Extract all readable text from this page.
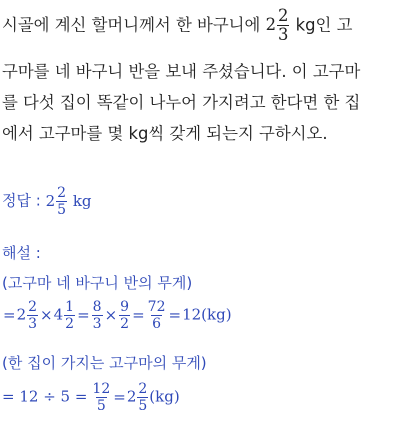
시골에 계신 할머니께서 한 바구니에 $2 \frac{2}{3}$ kg인 고
구마를 네 바구니 반을 보내 주셨습니다. 이 고구마
를 다섯 집이 똑같이 나누어 가지려고 한다면 한 집
에서 고구마를 몇 kg씩 갖게 되는지 구하시오.
정답 : $2 \frac{2}{5}$ kg
해설 :
(고구마 네 바구니 반의 무게)
$=2 \frac{2}{3} \times 4 \frac{1}{2} = \frac{8}{3} \times \frac{9}{2} = \frac{72}{6} =12(kg)$
(한 집이 가지는 고구마의 무게)
= $12 \div 5 = \frac{12}{5} =2 \frac{2}{5} (kg)$
